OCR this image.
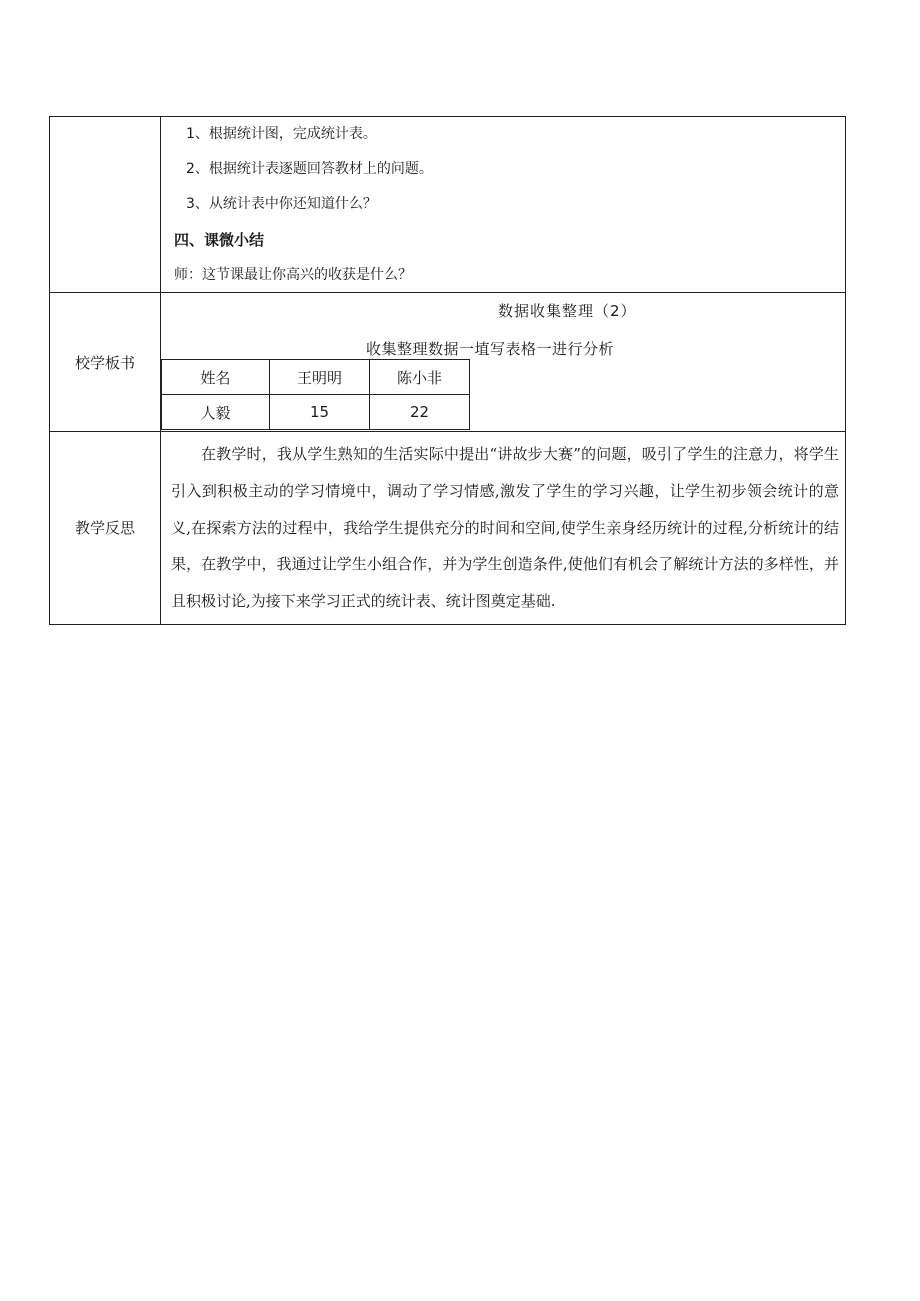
1、根据统计图，完成统计表。
2、根据统计表逐题回答教材上的问题。
3、从统计表中你还知道什么？
四、课微小结
师：这节课最让你高兴的收获是什么？

校学板书	
数据收集整理（2）
收集整理数据一埴写表格一进行分析
姓名	王明明	陈小非
人毅	15	22

教学反思	
在教学时，我从学生熟知的生活实际中提出“讲故步大赛”的问题，吸引了学生的注意力，将学生引入到积极主动的学习情境中，调动了学习情感,激发了学生的学习兴趣，让学生初步领会统计的意义,在探索方法的过程中，我给学生提供充分的时间和空间,使学生亲身经历统计的过程,分析统计的结果，在教学中，我通过让学生小组合作，并为学生创造条件,使他们有机会了解统计方法的多样性，并且积极讨论,为接下来学习正式的统计表、统计图奠定基础.
